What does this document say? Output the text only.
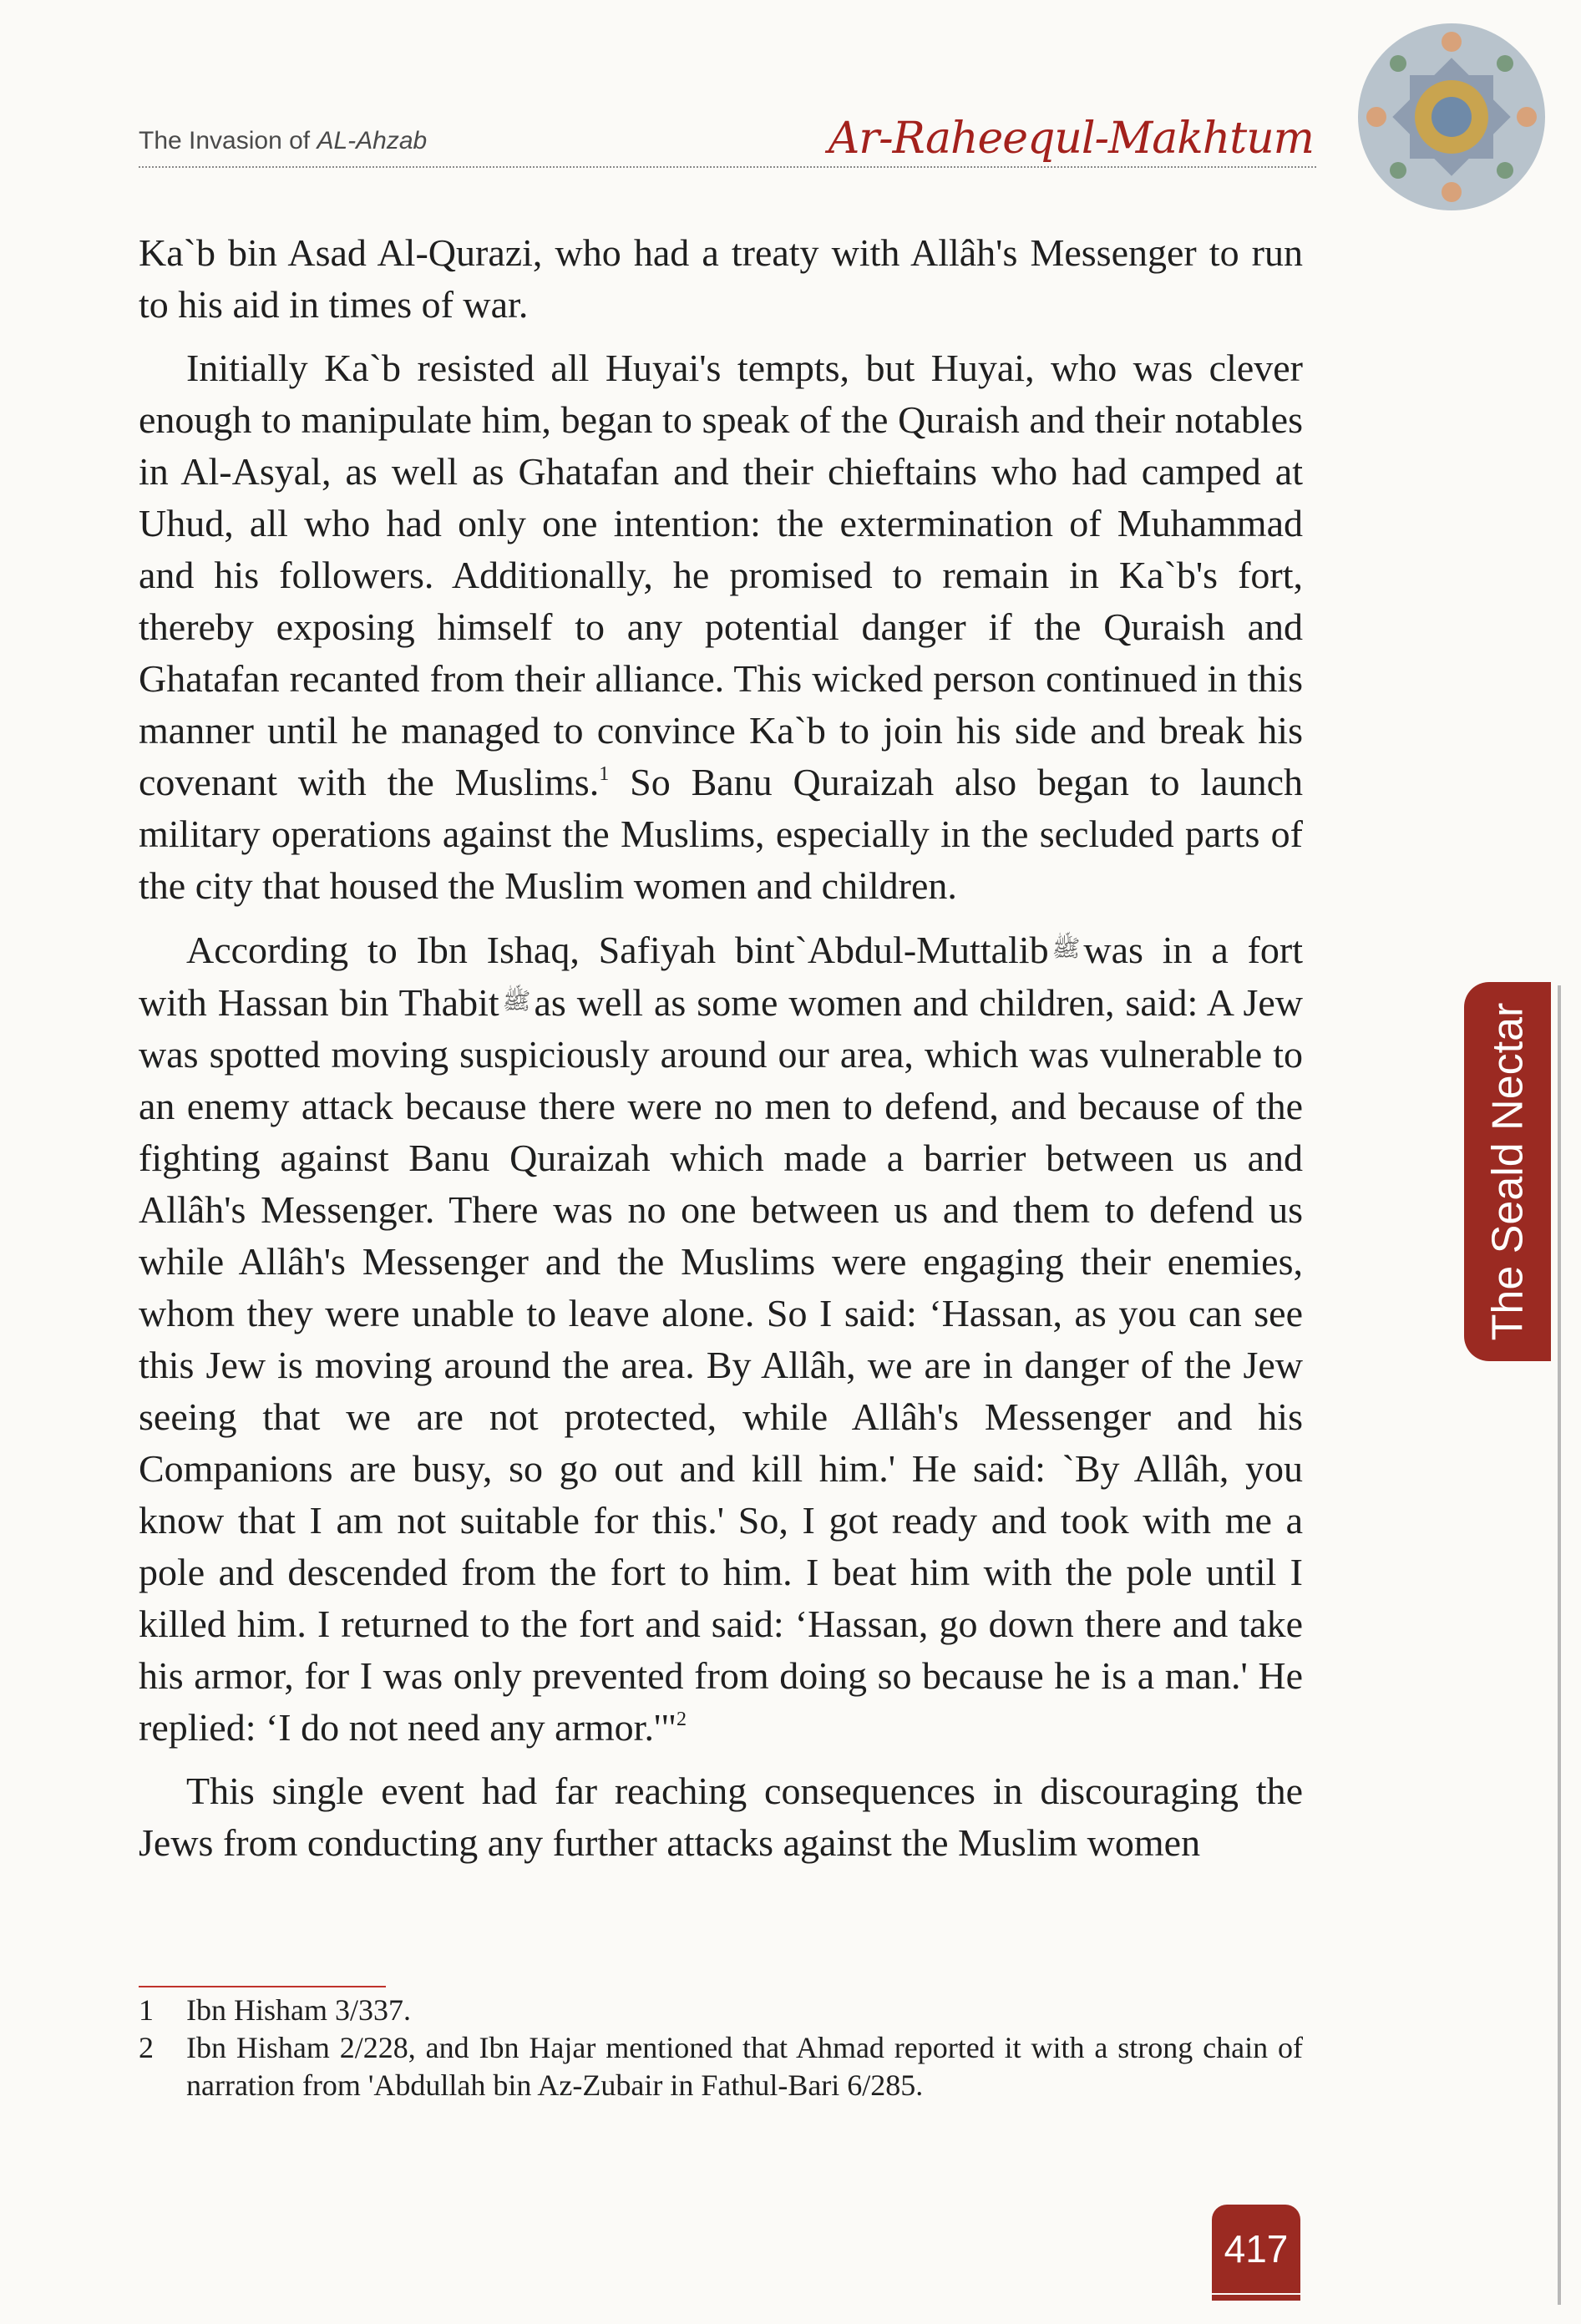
The Invasion of AL-Ahzab	Ar-Raheequl-Makhtum

Ka`b bin Asad Al-Qurazi, who had a treaty with Allâh's Messenger to run to his aid in times of war.

Initially Ka`b resisted all Huyai's tempts, but Huyai, who was clever enough to manipulate him, began to speak of the Quraish and their notables in Al-Asyal, as well as Ghatafan and their chieftains who had camped at Uhud, all who had only one intention: the extermination of Muhammad and his followers. Additionally, he promised to remain in Ka`b's fort, thereby exposing himself to any potential danger if the Quraish and Ghatafan recanted from their alliance. This wicked person continued in this manner until he managed to convince Ka`b to join his side and break his covenant with the Muslims.$^1$ So Banu Quraizah also began to launch military operations against the Muslims, especially in the secluded parts of the city that housed the Muslim women and children.

According to Ibn Ishaq, Safiyah bint`Abdul-Muttalib ﷺwas in a fort with Hassan bin Thabit ﷺas well as some women and children, said: A Jew was spotted moving suspiciously around our area, which was vulnerable to an enemy attack because there were no men to defend, and because of the fighting against Banu Quraizah which made a barrier between us and Allâh's Messenger. There was no one between us and them to defend us while Allâh's Messenger and the Muslims were engaging their enemies, whom they were unable to leave alone. So I said: ‘Hassan, as you can see this Jew is moving around the area. By Allâh, we are in danger of the Jew seeing that we are not protected, while Allâh's Messenger and his Companions are busy, so go out and kill him.' He said: `By Allâh, you know that I am not suitable for this.' So, I got ready and took with me a pole and descended from the fort to him. I beat him with the pole until I killed him. I returned to the fort and said: ‘Hassan, go down there and take his armor, for I was only prevented from doing so because he is a man.' He replied: ‘I do not need any armor.'"$^2$

This single event had far reaching consequences in discouraging the Jews from conducting any further attacks against the Muslim women

1	Ibn Hisham 3/337.
2	Ibn Hisham 2/228, and Ibn Hajar mentioned that Ahmad reported it with a strong chain of narration from 'Abdullah bin Az-Zubair in Fathul-Bari 6/285.
The Seald Nectar
417
